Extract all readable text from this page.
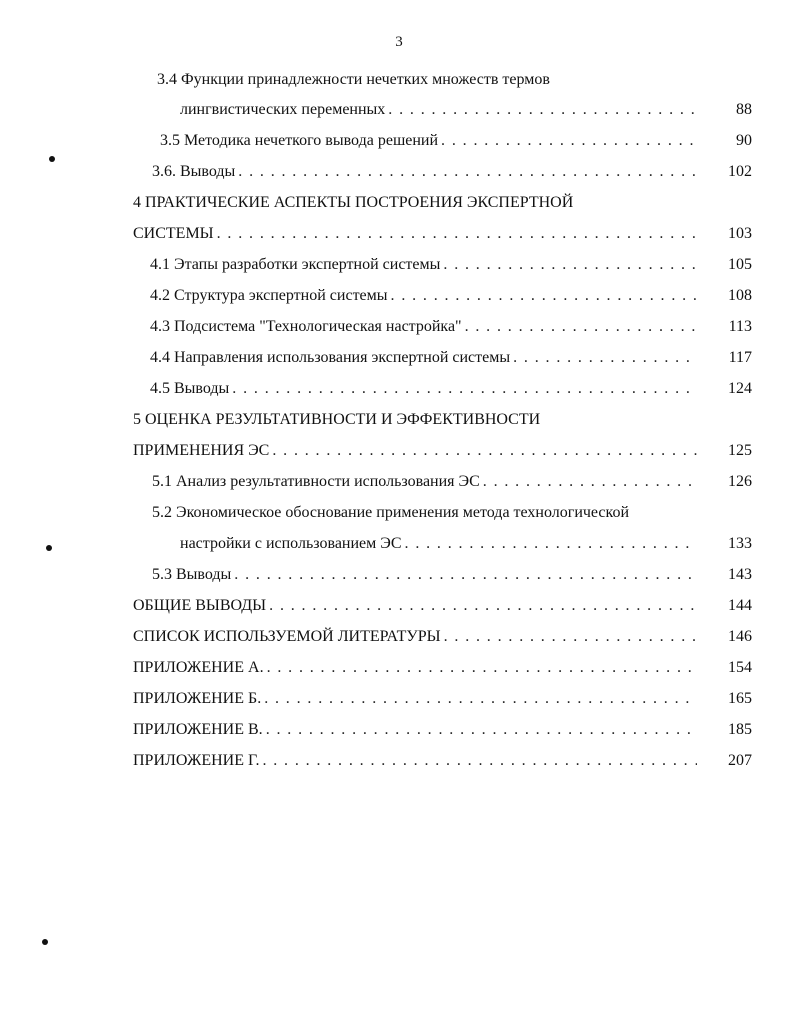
3
3.4 Функции принадлежности нечетких множеств термов
лингвистических переменных . . .	88
3.5 Методика нечеткого вывода решений . . .	90
3.6. Выводы . . .	102
4 ПРАКТИЧЕСКИЕ АСПЕКТЫ ПОСТРОЕНИЯ ЭКСПЕРТНОЙ
СИСТЕМЫ . . .	103
4.1 Этапы разработки экспертной системы . . .	105
4.2 Структура экспертной системы . . .	108
4.3 Подсистема "Технологическая настройка" . . .	113
4.4 Направления использования экспертной системы . . .	117
4.5 Выводы . . .	124
5 ОЦЕНКА РЕЗУЛЬТАТИВНОСТИ И ЭФФЕКТИВНОСТИ
ПРИМЕНЕНИЯ ЭС . . .	125
5.1 Анализ результативности использования ЭС . . .	126
5.2 Экономическое обоснование применения метода технологической
настройки с использованием ЭС . . .	133
5.3 Выводы . . .	143
ОБЩИЕ ВЫВОДЫ . . .	144
СПИСОК ИСПОЛЬЗУЕМОЙ ЛИТЕРАТУРЫ . . .	146
ПРИЛОЖЕНИЕ А. . . .	154
ПРИЛОЖЕНИЕ Б. . . .	165
ПРИЛОЖЕНИЕ В. . . .	185
ПРИЛОЖЕНИЕ Г. . . .	207
